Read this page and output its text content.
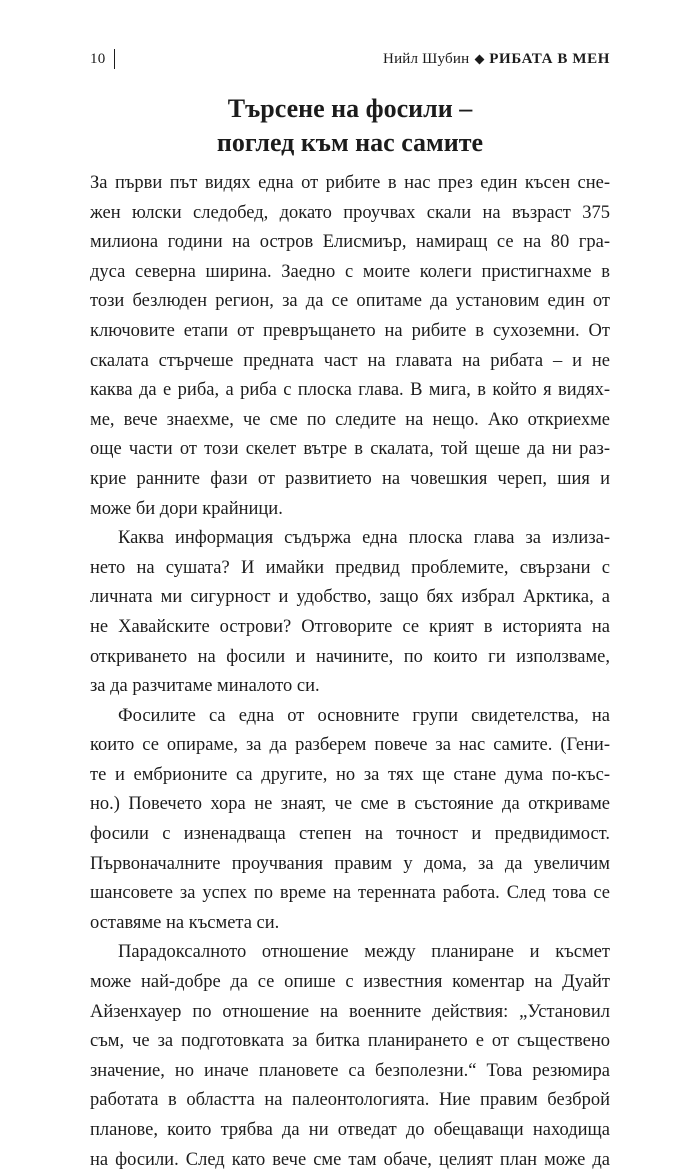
10	Нийл Шубин РИБАТА В МЕН
Търсене на фосили –
поглед към нас самите
За първи път видях една от рибите в нас през един късен сне-
жен юлски следобед, докато проучвах скали на възраст 375
милиона години на остров Елисмиър, намиращ се на 80 гра-
дуса северна ширина. Заедно с моите колеги пристигнахме в
този безлюден регион, за да се опитаме да установим един от
ключовите етапи от превръщането на рибите в сухоземни. От
скалата стърчеше предната част на главата на рибата – и не
каква да е риба, а риба с плоска глава. В мига, в който я видях-
ме, вече знаехме, че сме по следите на нещо. Ако откриехме
още части от този скелет вътре в скалата, той щеше да ни раз-
крие ранните фази от развитието на човешкия череп, шия и
може би дори крайници.
Каква информация съдържа една плоска глава за излиза-
нето на сушата? И имайки предвид проблемите, свързани с
личната ми сигурност и удобство, защо бях избрал Арктика, а
не Хавайските острови? Отговорите се крият в историята на
откриването на фосили и начините, по които ги използваме,
за да разчитаме миналото си.
Фосилите са една от основните групи свидетелства, на
които се опираме, за да разберем повече за нас самите. (Гени-
те и ембрионите са другите, но за тях ще стане дума по-къс-
но.) Повечето хора не знаят, че сме в състояние да откриваме
фосили с изненадваща степен на точност и предвидимост.
Първоначалните проучвания правим у дома, за да увеличим
шансовете за успех по време на теренната работа. След това се
оставяме на късмета си.
Парадоксалното отношение между планиране и късмет
може най-добре да се опише с известния коментар на Дуайт
Айзенхауер по отношение на военните действия: „Установил
съм, че за подготовката за битка планирането е от съществено
значение, но иначе плановете са безполезни.“ Това резюмира
работата в областта на палеонтологията. Ние правим безброй
планове, които трябва да ни отведат до обещаващи находища
на фосили. След като вече сме там обаче, целият план може да
